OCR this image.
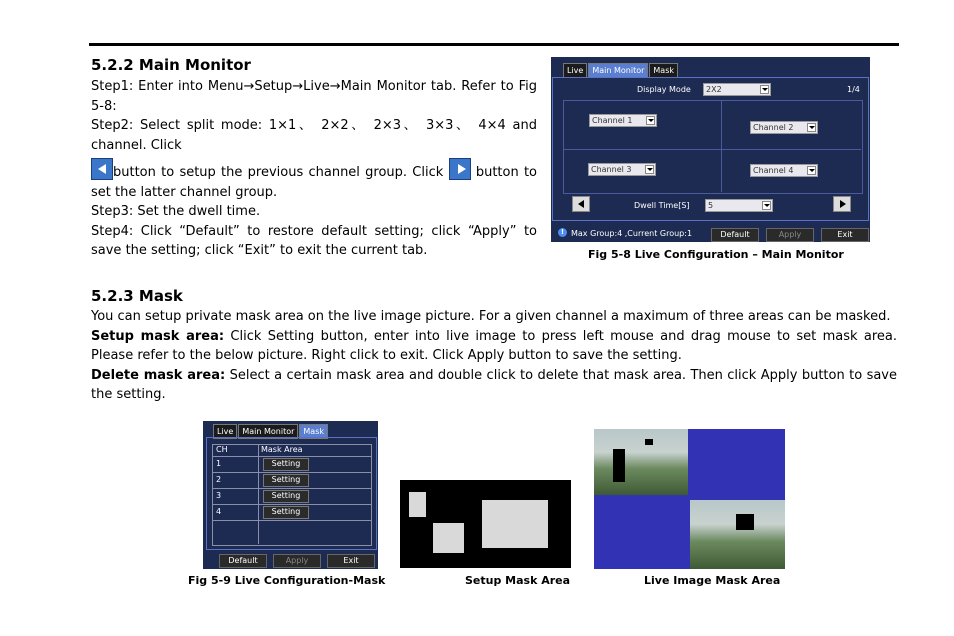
5.2.2 Main Monitor
Step1: Enter into Menu→Setup→Live→Main Monitor tab. Refer to Fig 5-8:
Step2: Select split mode: 1×1、 2×2、 2×3、 3×3、 4×4 and channel. Click
button to setup the previous channel group. Click	button to set the latter channel group.
Step3: Set the dwell time.
Step4: Click “Default” to restore default setting; click “Apply” to save the setting; click “Exit” to exit the current tab.
Live	Main Monitor	Mask
Display Mode	2X2	1/4
Channel 1
Channel 2
Channel 3	Channel 4
Dwell Time[S]	5
! Max Group:4 ,Current Group:1	Default	Apply	Exit
Fig 5-8 Live Configuration – Main Monitor
5.2.3 Mask
You can setup private mask area on the live image picture. For a given channel a maximum of three areas can be masked.
Setup mask area: Click Setting button, enter into live image to press left mouse and drag mouse to set mask area. Please refer to the below picture. Right click to exit. Click Apply button to save the setting.
Delete mask area: Select a certain mask area and double click to delete that mask area. Then click Apply button to save the setting.
Live	Main Monitor	Mask
Default	Apply	Exit
CH	Mask Area
1	Setting
2	Setting
3	Setting
4	Setting
Fig 5-9 Live Configuration-Mask	Setup Mask Area	Live Image Mask Area
